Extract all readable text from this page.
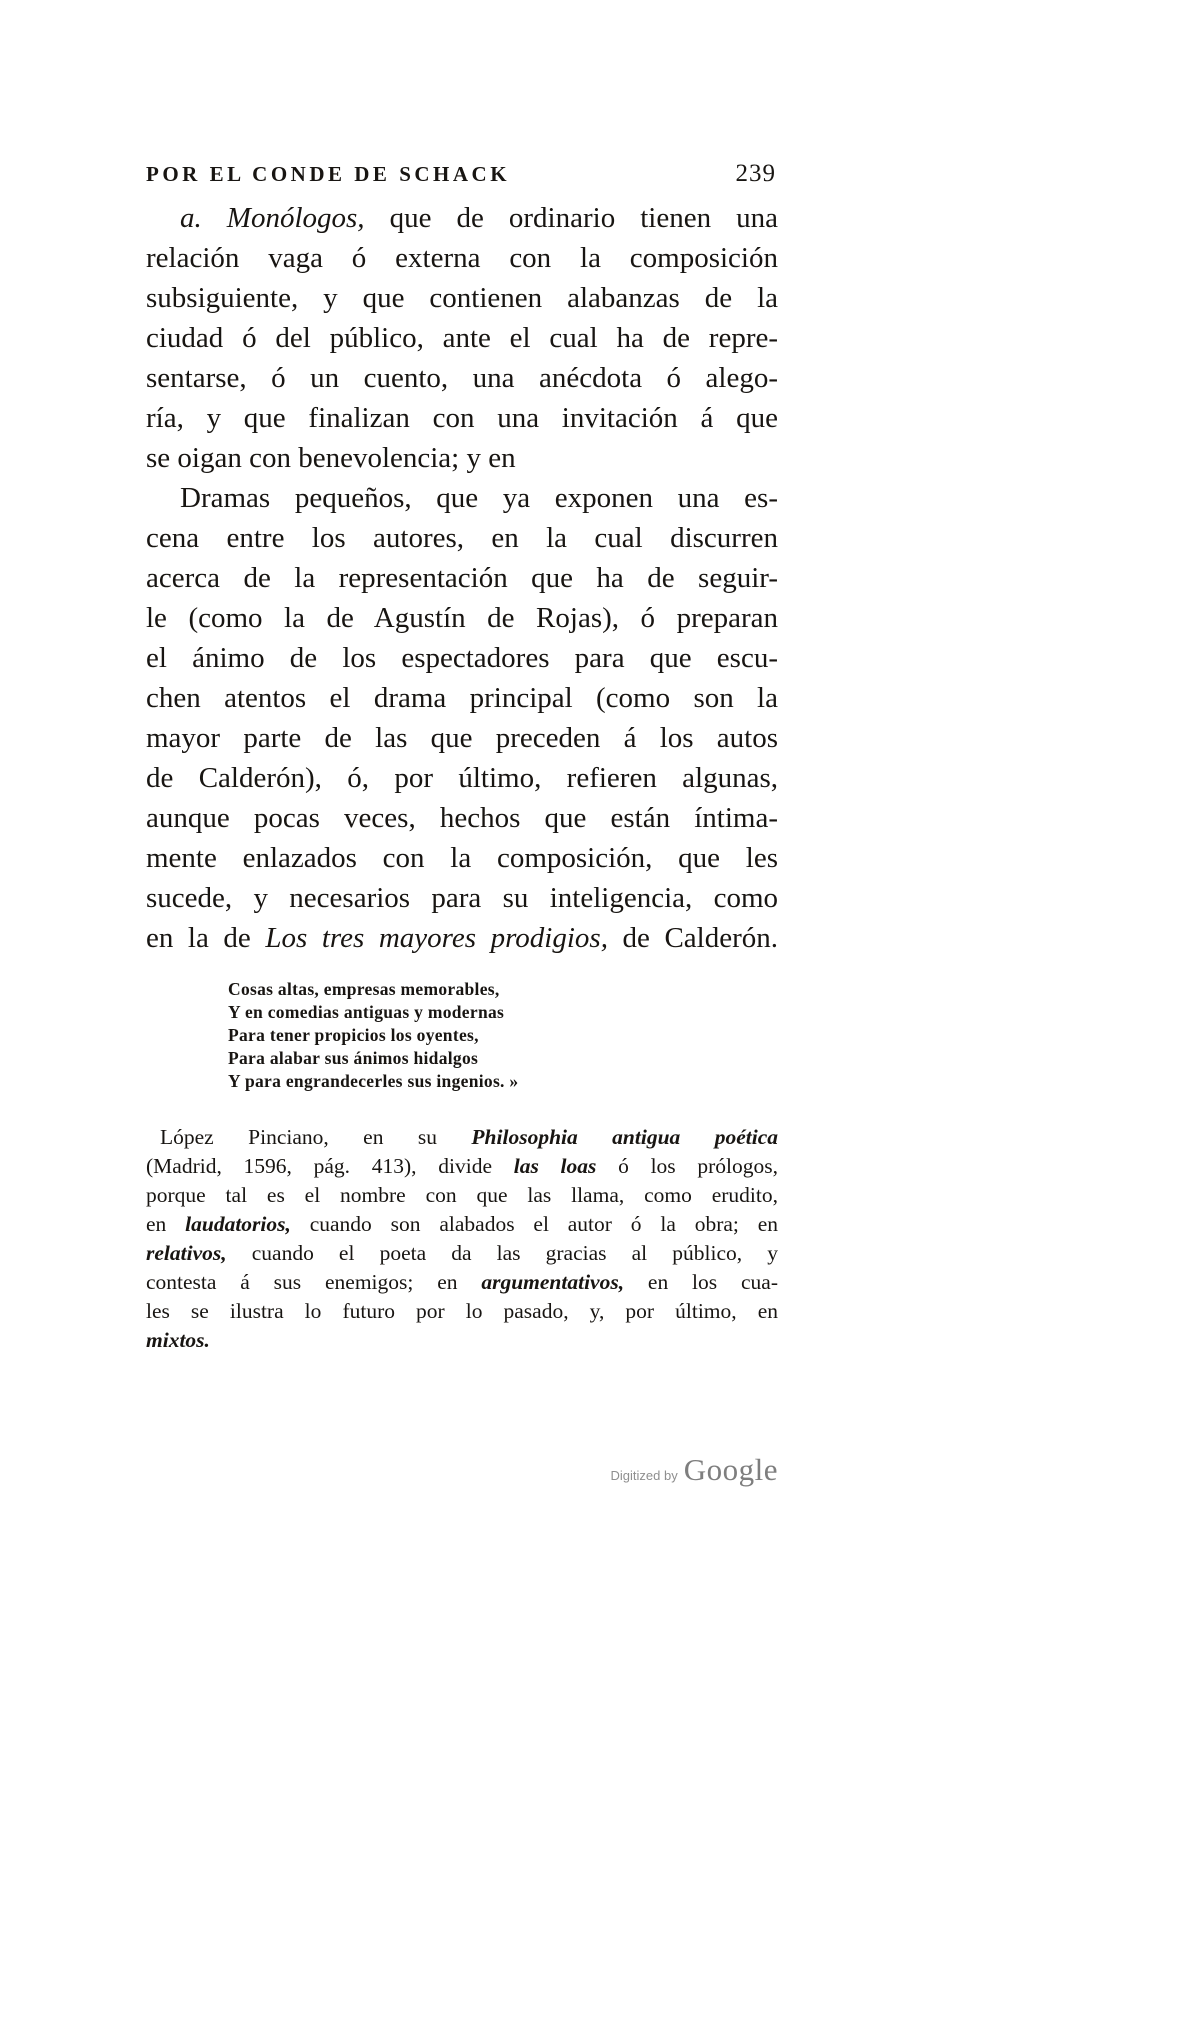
POR EL CONDE DE SCHACK	239
a. Monólogos, que de ordinario tienen una
relación vaga ó externa con la composición
subsiguiente, y que contienen alabanzas de la
ciudad ó del público, ante el cual ha de repre-
sentarse, ó un cuento, una anécdota ó alego-
ría, y que finalizan con una invitación á que
se oigan con benevolencia; y en
Dramas pequeños, que ya exponen una es-
cena entre los autores, en la cual discurren
acerca de la representación que ha de seguir-
le (como la de Agustín de Rojas), ó preparan
el ánimo de los espectadores para que escu-
chen atentos el drama principal (como son la
mayor parte de las que preceden á los autos
de Calderón), ó, por último, refieren algunas,
aunque pocas veces, hechos que están íntima-
mente enlazados con la composición, que les
sucede, y necesarios para su inteligencia, como
en la de Los tres mayores prodigios, de Calderón.
Cosas altas, empresas memorables,
Y en comedias antiguas y modernas
Para tener propicios los oyentes,
Para alabar sus ánimos hidalgos
Y para engrandecerles sus ingenios. »
López Pinciano, en su Philosophia antigua poética
(Madrid, 1596, pág. 413), divide las loas ó los prólogos,
porque tal es el nombre con que las llama, como erudito,
en laudatorios, cuando son alabados el autor ó la obra; en
relativos, cuando el poeta da las gracias al público, y
contesta á sus enemigos; en argumentativos, en los cua-
les se ilustra lo futuro por lo pasado, y, por último, en
mixtos.
Digitized by Google
